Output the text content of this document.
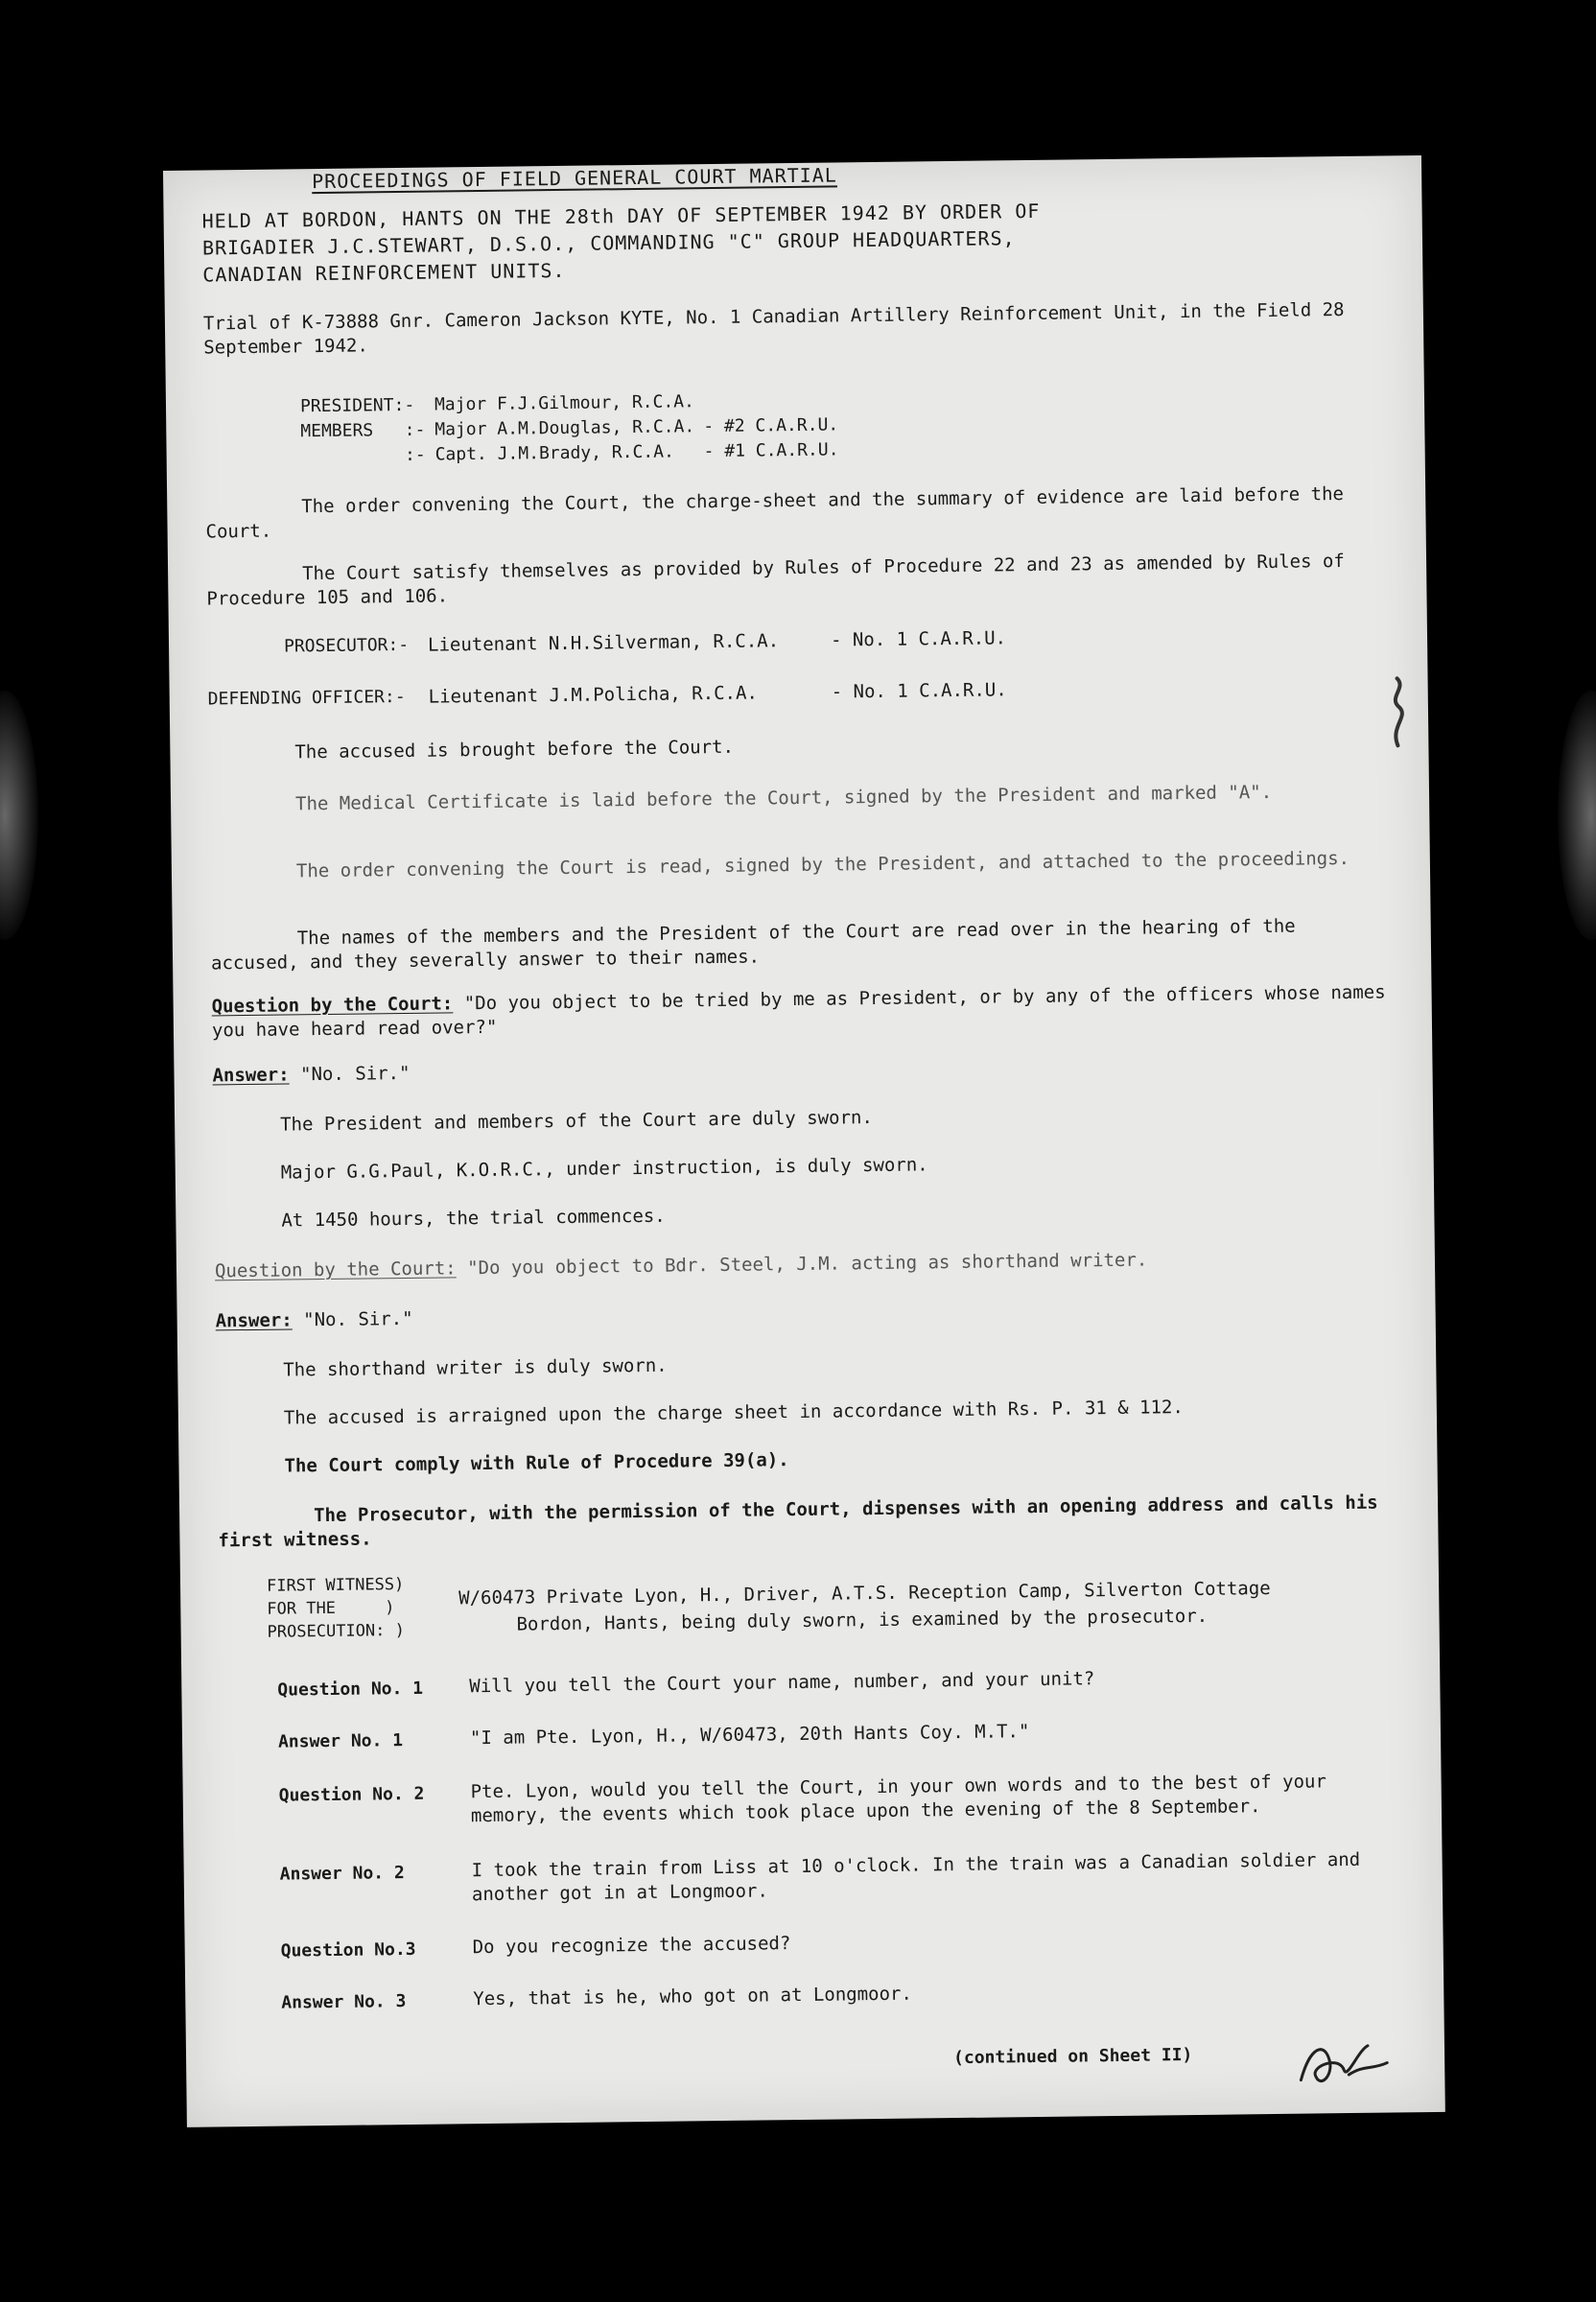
PROCEEDINGS OF FIELD GENERAL COURT MARTIAL
HELD AT BORDON, HANTS ON THE 28th DAY OF SEPTEMBER 1942 BY ORDER OF
BRIGADIER J.C.STEWART, D.S.O., COMMANDING "C" GROUP HEADQUARTERS,
CANADIAN REINFORCEMENT UNITS.
Trial of K-73888 Gnr. Cameron Jackson KYTE, No. 1 Canadian Artillery Reinforcement Unit, in the Field 28 September 1942.
PRESIDENT:- Major F.J.Gilmour, R.C.A.
MEMBERS   :- Major A.M.Douglas, R.C.A. - #2 C.A.R.U.
:- Capt. J.M.Brady, R.C.A. - #1 C.A.R.U.
The order convening the Court, the charge-sheet and the summary of evidence are laid before the Court.
The Court satisfy themselves as provided by Rules of Procedure 22 and 23 as amended by Rules of Procedure 105 and 106.
PROSECUTOR:- Lieutenant N.H.Silverman, R.C.A.	- No. 1 C.A.R.U.
DEFENDING OFFICER:- Lieutenant J.M.Policha, R.C.A.	- No. 1 C.A.R.U.
The accused is brought before the Court.
The Medical Certificate is laid before the Court, signed by the President and marked "A".
The order convening the Court is read, signed by the President, and attached to the proceedings.
The names of the members and the President of the Court are read over in the hearing of the accused, and they severally answer to their names.
Question by the Court: "Do you object to be tried by me as President, or by any of the officers whose names you have heard read over?"
Answer: "No. Sir."
The President and members of the Court are duly sworn.
Major G.G.Paul, K.O.R.C., under instruction, is duly sworn.
At 1450 hours, the trial commences.
Question by the Court: "Do you object to Bdr. Steel, J.M. acting as shorthand writer.
Answer: "No. Sir."
The shorthand writer is duly sworn.
The accused is arraigned upon the charge sheet in accordance with Rs. P. 31 & 112.
The Court comply with Rule of Procedure 39(a).
The Prosecutor, with the permission of the Court, dispenses with an opening address and calls his first witness.
FIRST WITNESS)
FOR THE     )
PROSECUTION: )
W/60473 Private Lyon, H., Driver, A.T.S. Reception Camp, Silverton Cottage
Bordon, Hants, being duly sworn, is examined by the prosecutor.
Question No. 1	Will you tell the Court your name, number, and your unit?
Answer No. 1	"I am Pte. Lyon, H., W/60473, 20th Hants Coy. M.T."
Question No. 2	Pte. Lyon, would you tell the Court, in your own words and to the best of your memory, the events which took place upon the evening of the 8 September.
Answer No. 2	I took the train from Liss at 10 o'clock. In the train was a Canadian soldier and another got in at Longmoor.
Question No.3	Do you recognize the accused?
Answer No. 3	Yes, that is he, who got on at Longmoor.
(continued on Sheet II)
